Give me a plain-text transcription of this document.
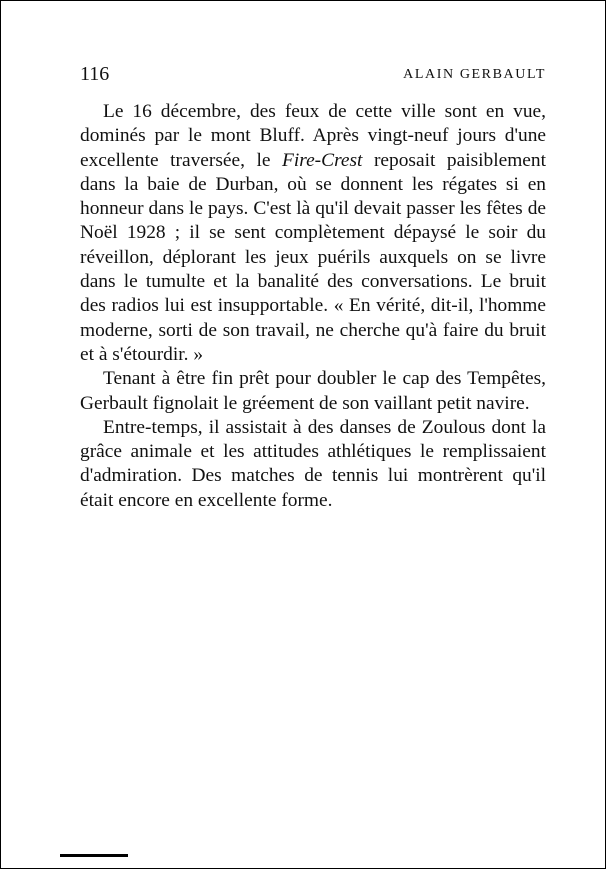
116	ALAIN GERBAULT

Le 16 décembre, des feux de cette ville sont en vue, dominés par le mont Bluff. Après vingt-neuf jours d'une excellente traversée, le Fire-Crest reposait paisiblement dans la baie de Durban, où se donnent les régates si en honneur dans le pays. C'est là qu'il devait passer les fêtes de Noël 1928 ; il se sent complètement dépaysé le soir du réveillon, déplorant les jeux puérils auxquels on se livre dans le tumulte et la banalité des conversations. Le bruit des radios lui est insupportable. « En vérité, dit-il, l'homme moderne, sorti de son travail, ne cherche qu'à faire du bruit et à s'étourdir. »

Tenant à être fin prêt pour doubler le cap des Tempêtes, Gerbault fignolait le gréement de son vaillant petit navire.

Entre-temps, il assistait à des danses de Zoulous dont la grâce animale et les attitudes athlétiques le remplissaient d'admiration. Des matches de tennis lui montrèrent qu'il était encore en excellente forme.
